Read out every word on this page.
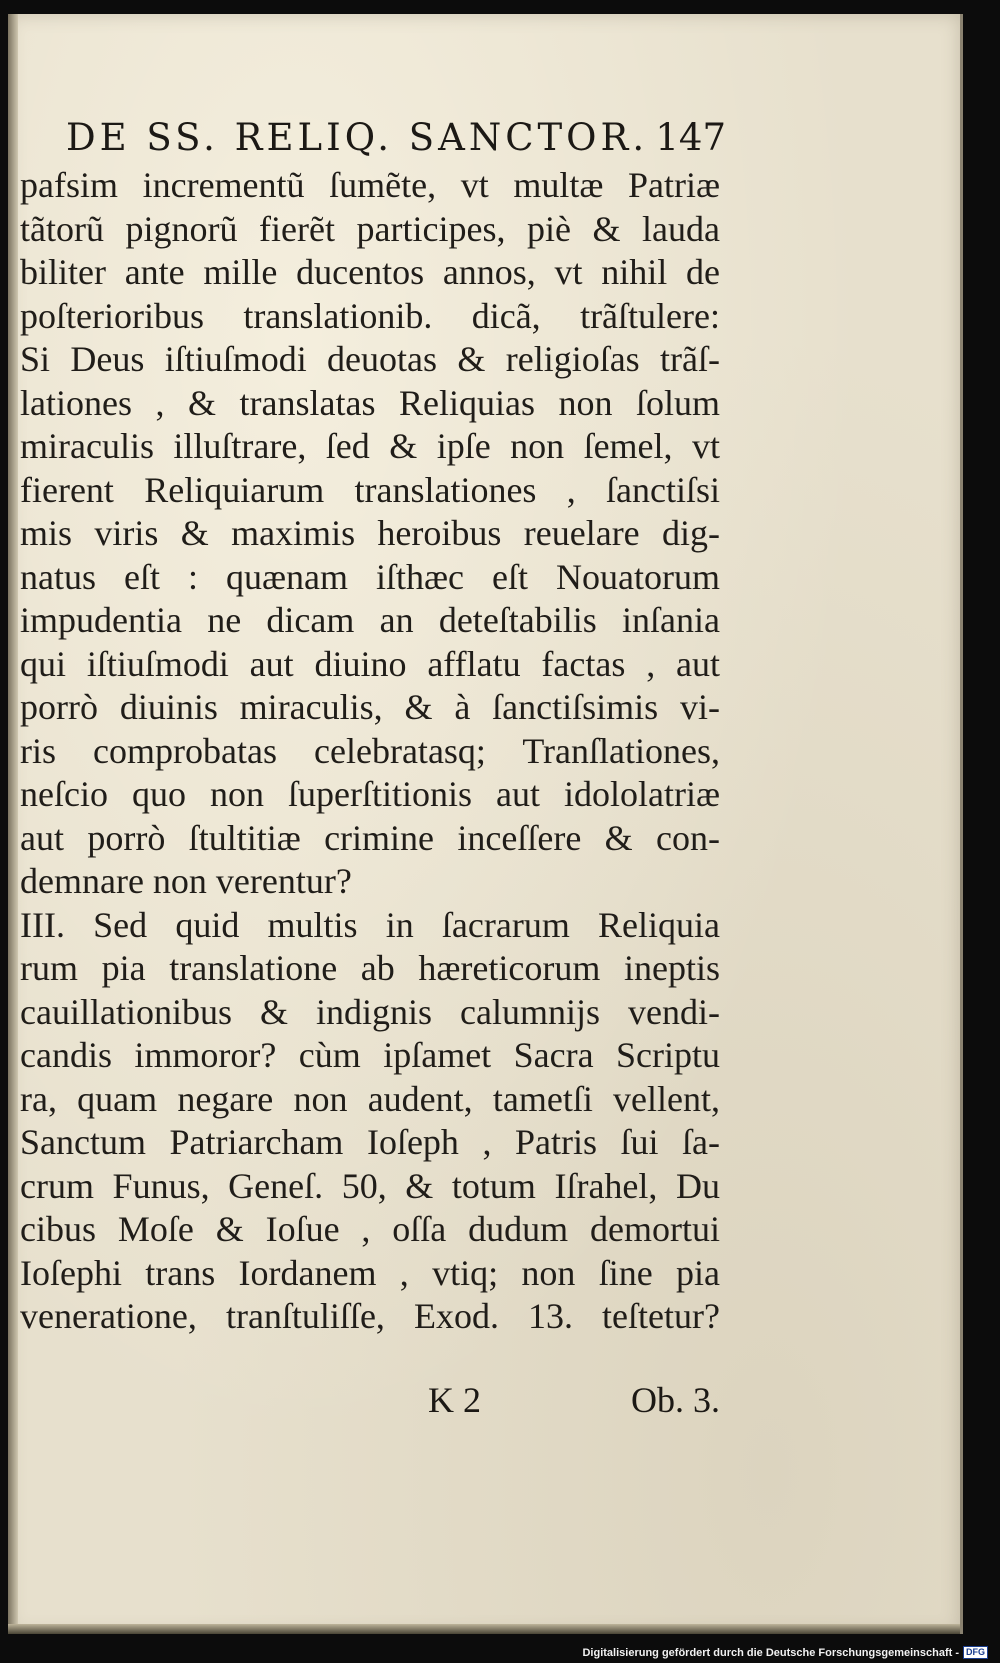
DE SS. RELIQ. SANCTOR. 147
pafsim incrementũ ſumẽte, vt multæ Patriæ
tãtorũ pignorũ fierẽt participes, piè & lauda
biliter ante mille ducentos annos, vt nihil de
poſterioribus translationib. dicã, trãſtulere:
Si Deus iſtiuſmodi deuotas & religioſas trãſ-
lationes , & translatas Reliquias non ſolum
miraculis illuſtrare, ſed & ipſe non ſemel, vt
fierent Reliquiarum translationes , ſanctiſsi
mis viris & maximis heroibus reuelare dig-
natus eſt : quænam iſthæc eſt Nouatorum
impudentia ne dicam an deteſtabilis inſania
qui iſtiuſmodi aut diuino afflatu factas , aut
porrò diuinis miraculis, & à ſanctiſsimis vi-
ris comprobatas celebratasq; Tranſlationes,
neſcio quo non ſuperſtitionis aut idololatriæ
aut porrò ſtultitiæ crimine inceſſere & con-
demnare non verentur?
III. Sed quid multis in ſacrarum Reliquia
rum pia translatione ab hæreticorum ineptis
cauillationibus & indignis calumnijs vendi-
candis immoror? cùm ipſamet Sacra Scriptu
ra, quam negare non audent, tametſi vellent,
Sanctum Patriarcham Ioſeph , Patris ſui ſa-
crum Funus, Geneſ. 50, & totum Iſrahel, Du
cibus Moſe & Ioſue , oſſa dudum demortui
Ioſephi trans Iordanem , vtiq; non ſine pia
veneratione, tranſtuliſſe, Exod. 13. teſtetur?
K 2	Ob. 3.
Digitalisierung gefördert durch die Deutsche Forschungsgemeinschaft - DFG
